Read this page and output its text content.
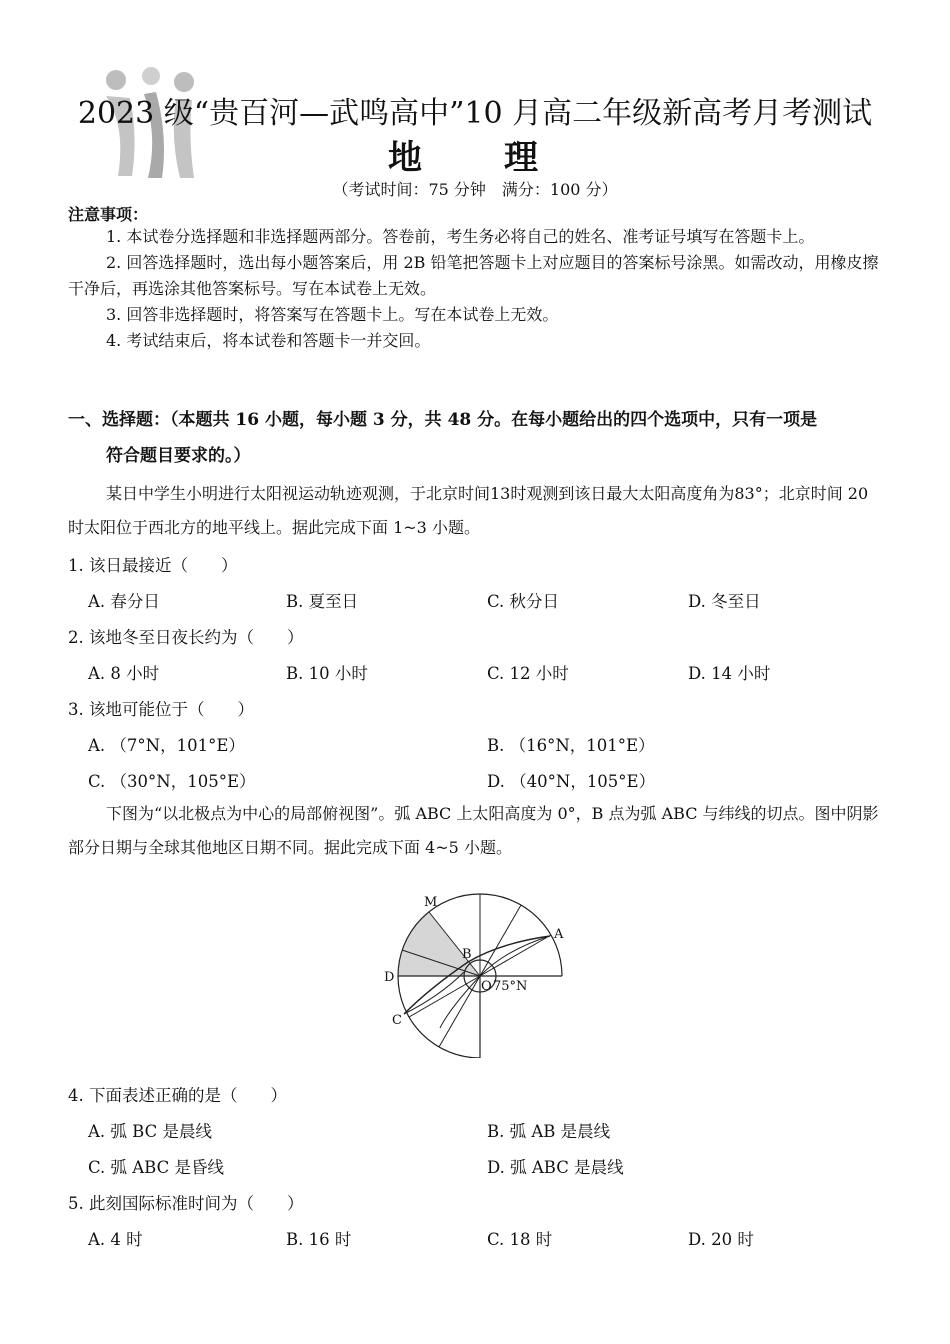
2023 级“贵百河—武鸣高中”10 月高二年级新高考月考测试
地　理
（考试时间：75 分钟　满分：100 分）
注意事项：

1. 本试卷分选择题和非选择题两部分。答卷前，考生务必将自己的姓名、准考证号填写在答题卡上。

2. 回答选择题时，选出每小题答案后，用 2B 铅笔把答题卡上对应题目的答案标号涂黑。如需改动，用橡皮擦干净后，再选涂其他答案标号。写在本试卷上无效。

3. 回答非选择题时，将答案写在答题卡上。写在本试卷上无效。

4. 考试结束后，将本试卷和答题卡一并交回。

一、选择题：（本题共 16 小题，每小题 3 分，共 48 分。在每小题给出的四个选项中，只有一项是
符合题目要求的。）
某日中学生小明进行太阳视运动轨迹观测，于北京时间13时观测到该日最大太阳高度角为83°；北京时间 20 时太阳位于西北方的地平线上。据此完成下面 1~3 小题。
1. 该日最接近（　　）
A. 春分日	B. 夏至日	C. 秋分日	D. 冬至日
2. 该地冬至日夜长约为（　　）
A. 8 小时	B. 10 小时	C. 12 小时	D. 14 小时
3. 该地可能位于（　　）
A. （7°N，101°E）	B. （16°N，101°E）
C. （30°N，105°E）	D. （40°N，105°E）
下图为“以北极点为中心的局部俯视图”。弧 ABC 上太阳高度为 0°，B 点为弧 ABC 与纬线的切点。图中阴影部分日期与全球其他地区日期不同。据此完成下面 4~5 小题。
M
A
B
C
D
O 75°N
4. 下面表述正确的是（　　）
A. 弧 BC 是晨线	B. 弧 AB 是晨线
C. 弧 ABC 是昏线	D. 弧 ABC 是晨线
5. 此刻国际标准时间为（　　）
A. 4 时	B. 16 时	C. 18 时	D. 20 时
